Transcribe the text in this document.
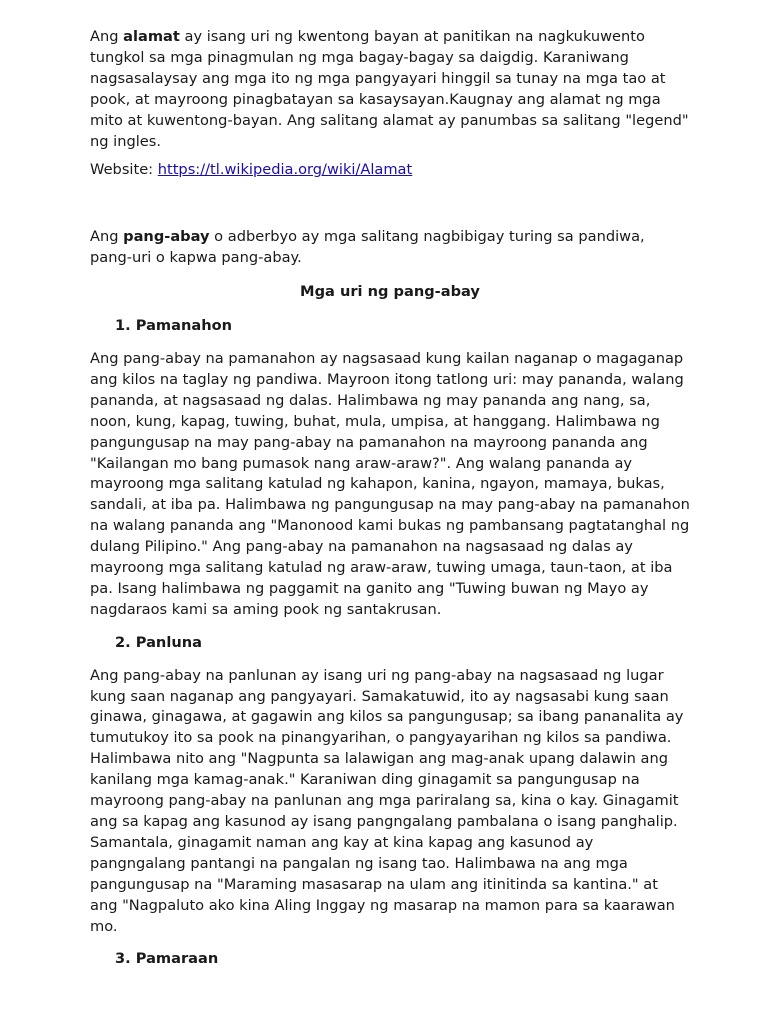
Ang alamat ay isang uri ng kwentong bayan at panitikan na nagkukuwento tungkol sa mga pinagmulan ng mga bagay-bagay sa daigdig. Karaniwang nagsasalaysay ang mga ito ng mga pangyayari hinggil sa tunay na mga tao at pook, at mayroong pinagbatayan sa kasaysayan.Kaugnay ang alamat ng mga mito at kuwentong-bayan. Ang salitang alamat ay panumbas sa salitang "legend" ng ingles.

Website: https://tl.wikipedia.org/wiki/Alamat

Ang pang-abay o adberbyo ay mga salitang nagbibigay turing sa pandiwa, pang-uri o kapwa pang-abay.

Mga uri ng pang-abay

1. Pamanahon

Ang pang-abay na pamanahon ay nagsasaad kung kailan naganap o magaganap ang kilos na taglay ng pandiwa. Mayroon itong tatlong uri: may pananda, walang pananda, at nagsasaad ng dalas. Halimbawa ng may pananda ang nang, sa, noon, kung, kapag, tuwing, buhat, mula, umpisa, at hanggang. Halimbawa ng pangungusap na may pang-abay na pamanahon na mayroong pananda ang "Kailangan mo bang pumasok nang araw-araw?". Ang walang pananda ay mayroong mga salitang katulad ng kahapon, kanina, ngayon, mamaya, bukas, sandali, at iba pa. Halimbawa ng pangungusap na may pang-abay na pamanahon na walang pananda ang "Manonood kami bukas ng pambansang pagtatanghal ng dulang Pilipino." Ang pang-abay na pamanahon na nagsasaad ng dalas ay mayroong mga salitang katulad ng araw-araw, tuwing umaga, taun-taon, at iba pa. Isang halimbawa ng paggamit na ganito ang "Tuwing buwan ng Mayo ay nagdaraos kami sa aming pook ng santakrusan.

2. Panluna

Ang pang-abay na panlunan ay isang uri ng pang-abay na nagsasaad ng lugar kung saan naganap ang pangyayari. Samakatuwid, ito ay nagsasabi kung saan ginawa, ginagawa, at gagawin ang kilos sa pangungusap; sa ibang pananalita ay tumutukoy ito sa pook na pinangyarihan, o pangyayarihan ng kilos sa pandiwa. Halimbawa nito ang "Nagpunta sa lalawigan ang mag-anak upang dalawin ang kanilang mga kamag-anak." Karaniwan ding ginagamit sa pangungusap na mayroong pang-abay na panlunan ang mga pariralang sa, kina o kay. Ginagamit ang sa kapag ang kasunod ay isang pangngalang pambalana o isang panghalip. Samantala, ginagamit naman ang kay at kina kapag ang kasunod ay pangngalang pantangi na pangalan ng isang tao. Halimbawa na ang mga pangungusap na "Maraming masasarap na ulam ang itinitinda sa kantina." at ang "Nagpaluto ako kina Aling Inggay ng masarap na mamon para sa kaarawan mo.

3. Pamaraan
